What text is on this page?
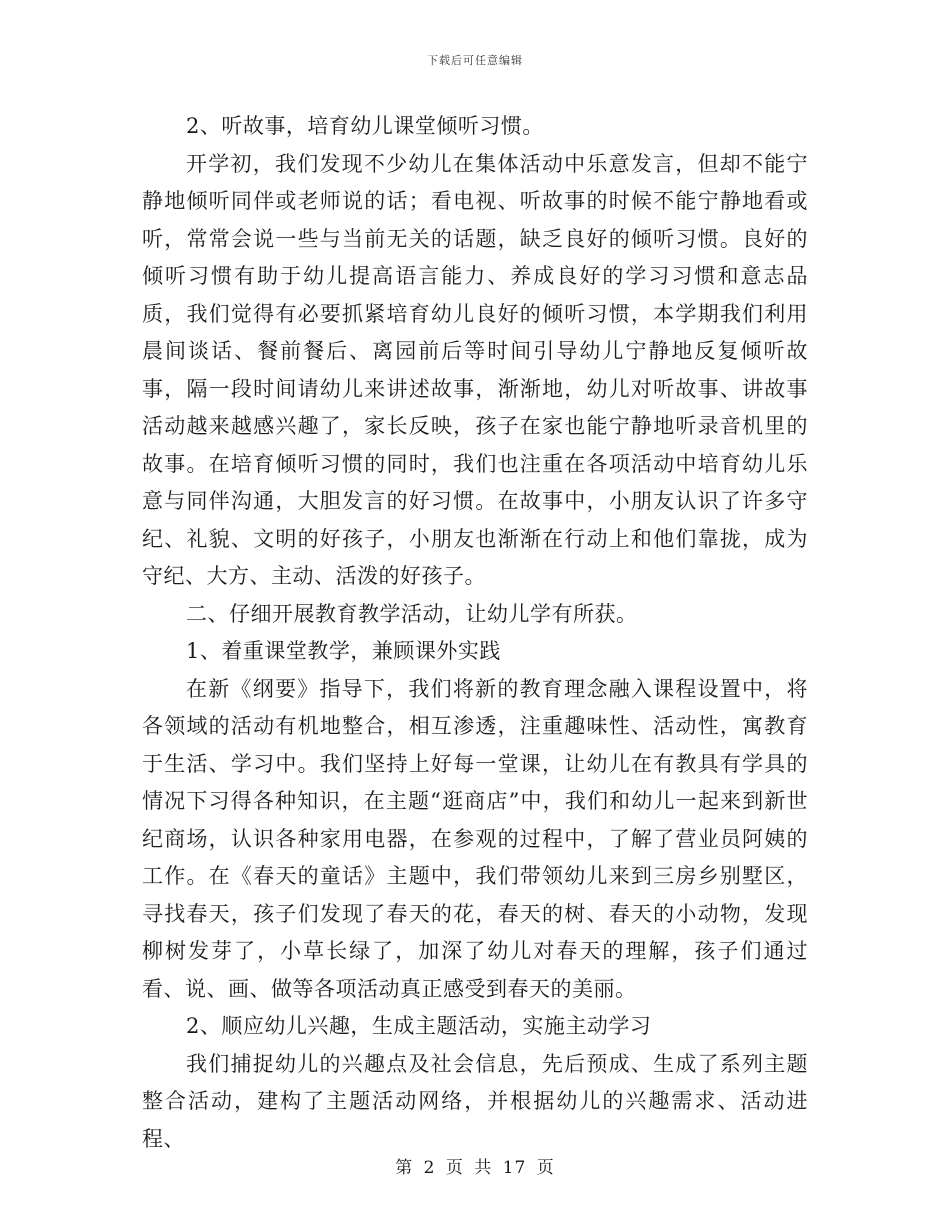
下载后可任意编辑

2、听故事，培育幼儿课堂倾听习惯。

开学初，我们发现不少幼儿在集体活动中乐意发言，但却不能宁静地倾听同伴或老师说的话；看电视、听故事的时候不能宁静地看或听，常常会说一些与当前无关的话题，缺乏良好的倾听习惯。良好的倾听习惯有助于幼儿提高语言能力、养成良好的学习习惯和意志品质，我们觉得有必要抓紧培育幼儿良好的倾听习惯，本学期我们利用晨间谈话、餐前餐后、离园前后等时间引导幼儿宁静地反复倾听故事，隔一段时间请幼儿来讲述故事，渐渐地，幼儿对听故事、讲故事活动越来越感兴趣了，家长反映，孩子在家也能宁静地听录音机里的故事。在培育倾听习惯的同时，我们也注重在各项活动中培育幼儿乐意与同伴沟通，大胆发言的好习惯。在故事中，小朋友认识了许多守纪、礼貌、文明的好孩子，小朋友也渐渐在行动上和他们靠拢，成为守纪、大方、主动、活泼的好孩子。

二、仔细开展教育教学活动，让幼儿学有所获。

1、着重课堂教学，兼顾课外实践

在新《纲要》指导下，我们将新的教育理念融入课程设置中，将各领域的活动有机地整合，相互渗透，注重趣味性、活动性，寓教育于生活、学习中。我们坚持上好每一堂课，让幼儿在有教具有学具的情况下习得各种知识，在主题“逛商店”中，我们和幼儿一起来到新世纪商场，认识各种家用电器，在参观的过程中，了解了营业员阿姨的工作。在《春天的童话》主题中，我们带领幼儿来到三房乡别墅区，寻找春天，孩子们发现了春天的花，春天的树、春天的小动物，发现柳树发芽了，小草长绿了，加深了幼儿对春天的理解，孩子们通过看、说、画、做等各项活动真正感受到春天的美丽。

2、顺应幼儿兴趣，生成主题活动，实施主动学习

我们捕捉幼儿的兴趣点及社会信息，先后预成、生成了系列主题整合活动，建构了主题活动网络，并根据幼儿的兴趣需求、活动进程、

第 2 页 共 17 页
